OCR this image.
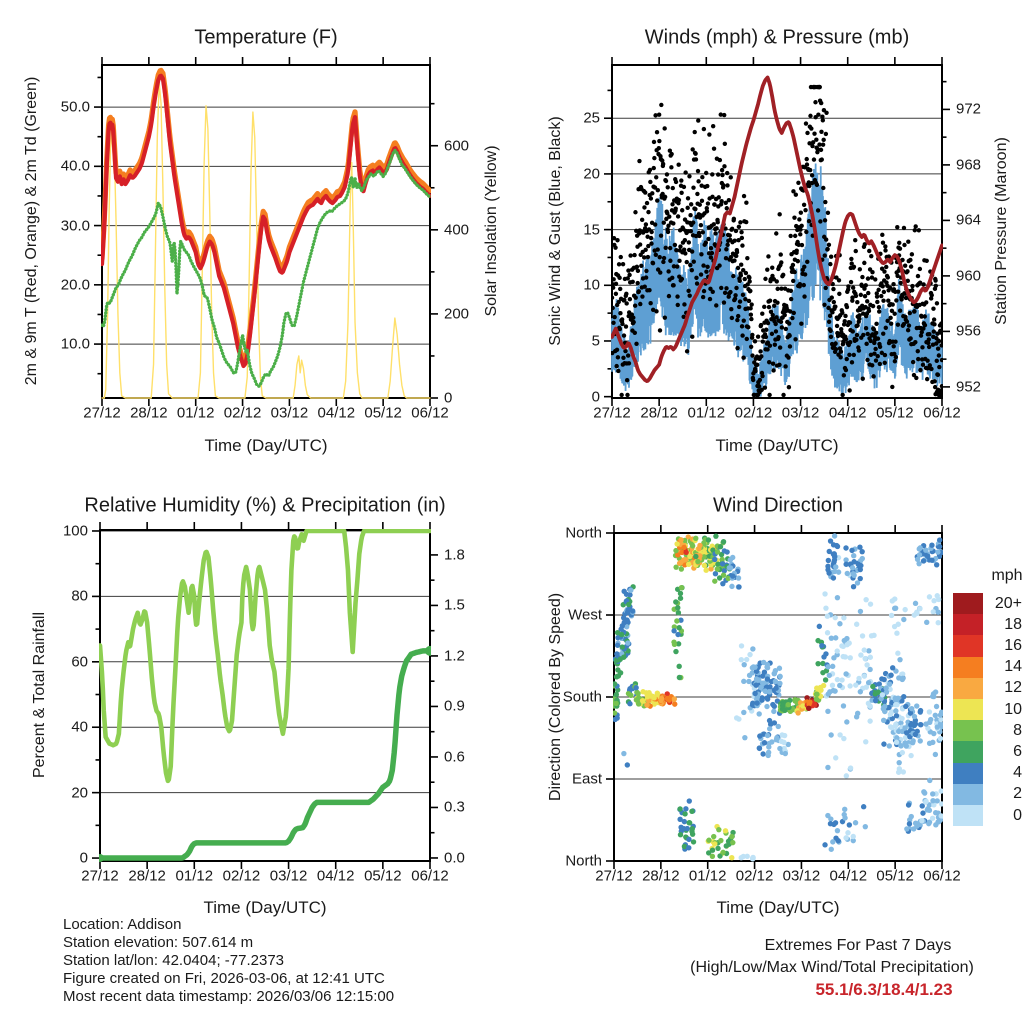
Temperature (F)	Winds (mph) & Pressure (mb)
Relative Humidity (%) & Precipitation (in)	Wind Direction
Time (Day/UTC)	Time (Day/UTC)
Time (Day/UTC)	Time (Day/UTC)
2m & 9m T (Red, Orange) & 2m Td (Green)	Solar Insolation (Yellow)	Sonic Wind & Gust (Blue, Black)	Station Pressure (Maroon)
Percent & Total Rainfall	Direction (Colored By Speed)
27/12 28/12 01/12 02/12 03/12 04/12 05/12 06/12
50.0
40.0
30.0
20.0
10.0
600
400
200
0
27/12 28/12 01/12 02/12 03/12 04/12 05/12 06/12
25
20
15
10
5
0
972
968
964
960
956
952
27/12 28/12 01/12 02/12 03/12 04/12 05/12 06/12
100
80
60
40
20
0
1.8
1.5
1.2
0.9
0.6
0.3
0.0
27/12 28/12 01/12 02/12 03/12 04/12 05/12 06/12
North
West
South
East
North
mph
20+
18
16
14
12
10
8
6
4
2
0
Location: Addison
Station elevation: 507.614 m
Station lat/lon: 42.0404; -77.2373
Figure created on Fri, 2026-03-06, at 12:41 UTC
Most recent data timestamp: 2026/03/06 12:15:00
Extremes For Past 7 Days
(High/Low/Max Wind/Total Precipitation)
55.1/6.3/18.4/1.23
